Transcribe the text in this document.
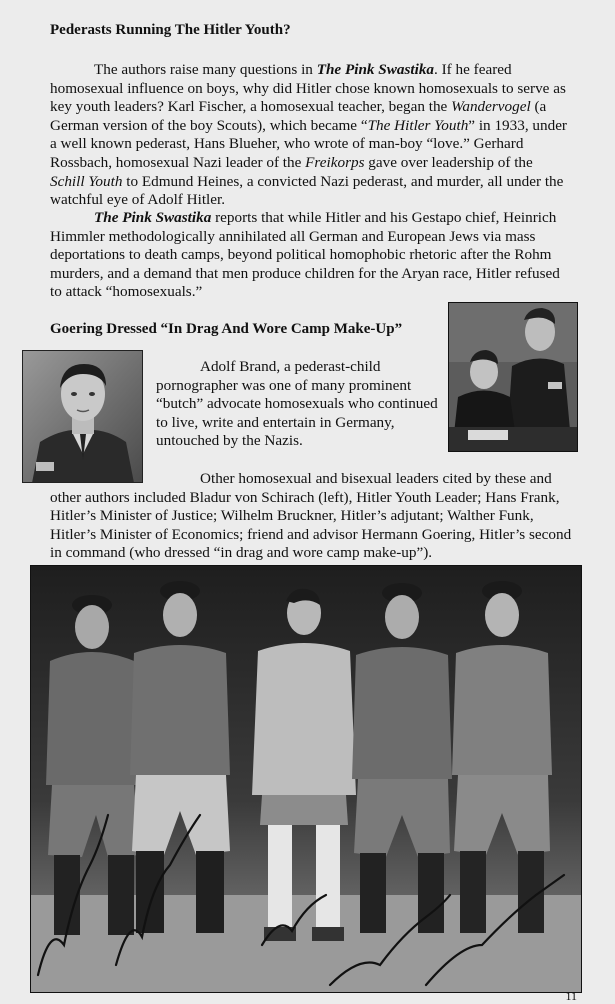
Pederasts Running The Hitler Youth?

The authors raise many questions in The Pink Swastika. If he feared homosexual influence on boys, why did Hitler chose known homosexuals to serve as key youth leaders? Karl Fischer, a homosexual teacher, began the Wandervogel (a German version of the boy Scouts), which became “The Hitler Youth” in 1933, under a well known pederast, Hans Blueher, who wrote of man-boy “love.” Gerhard Rossbach, homosexual Nazi leader of the Freikorps gave over leadership of the Schill Youth to Edmund Heines, a convicted Nazi pederast, and murder, all under the watchful eye of Adolf Hitler.

The Pink Swastika reports that while Hitler and his Gestapo chief, Heinrich Himmler methodologically annihilated all German and European Jews via mass deportations to death camps, beyond political homophobic rhetoric after the Rohm murders, and a demand that men produce children for the Aryan race, Hitler refused to attack “homosexuals.”

Goering Dressed “In Drag And Wore Camp Make-Up”

Adolf Brand, a pederast-child pornographer was one of many prominent “butch” advocate homosexuals who continued to live, write and entertain in Germany, untouched by the Nazis.

Other homosexual and bisexual leaders cited by these and other authors included Bladur von Schirach (left), Hitler Youth Leader; Hans Frank, Hitler’s Minister of Justice; Wilhelm Bruckner, Hitler’s adjutant; Walther Funk, Hitler’s Minister of Economics; friend and advisor Hermann Goering, Hitler’s second in command (who dressed “in drag and wore camp make-up”).

11
